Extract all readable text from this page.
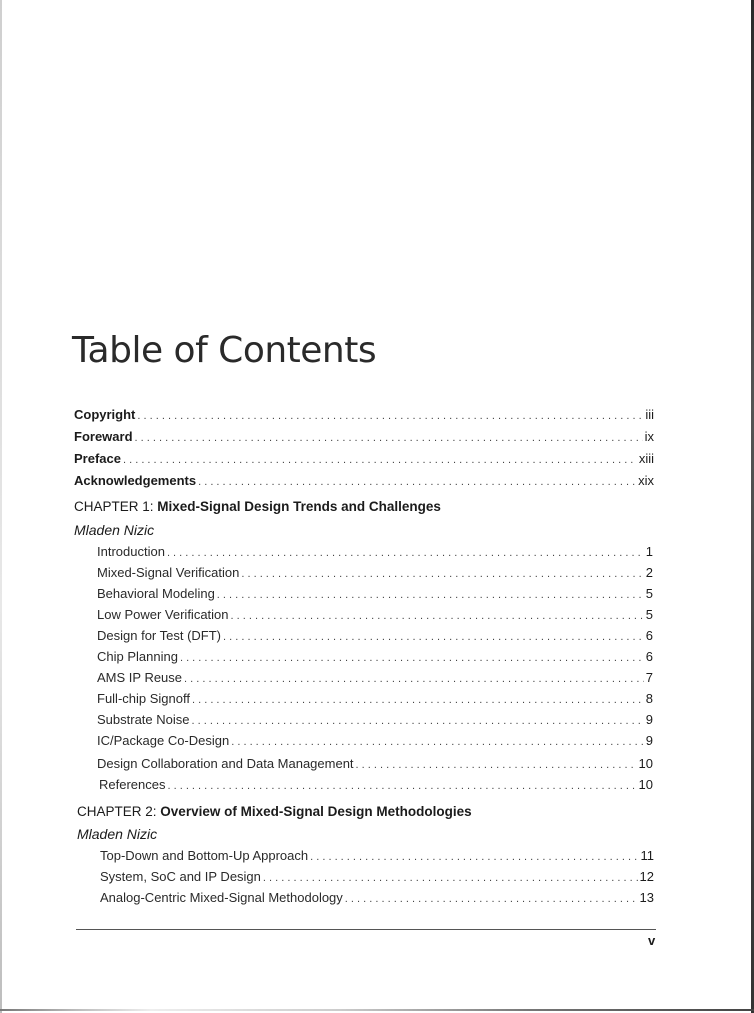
Table of Contents
Copyright . . .	iii
Foreward . . .	ix
Preface . . .	xiii
Acknowledgements . . .	xix
CHAPTER 1: Mixed-Signal Design Trends and Challenges
Mladen Nizic
Introduction . . .	1
Mixed-Signal Verification . . .	2
Behavioral Modeling . . .	5
Low Power Verification . . .	5
Design for Test (DFT) . . .	6
Chip Planning . . .	6
AMS IP Reuse . . .	7
Full-chip Signoff . . .	8
Substrate Noise . . .	9
IC/Package Co-Design . . .	9
Design Collaboration and Data Management . . .	10
References . . .	10
CHAPTER 2: Overview of Mixed-Signal Design Methodologies
Mladen Nizic
Top-Down and Bottom-Up Approach . . .	11
System, SoC and IP Design . . .	12
Analog-Centric Mixed-Signal Methodology . . .	13
v
